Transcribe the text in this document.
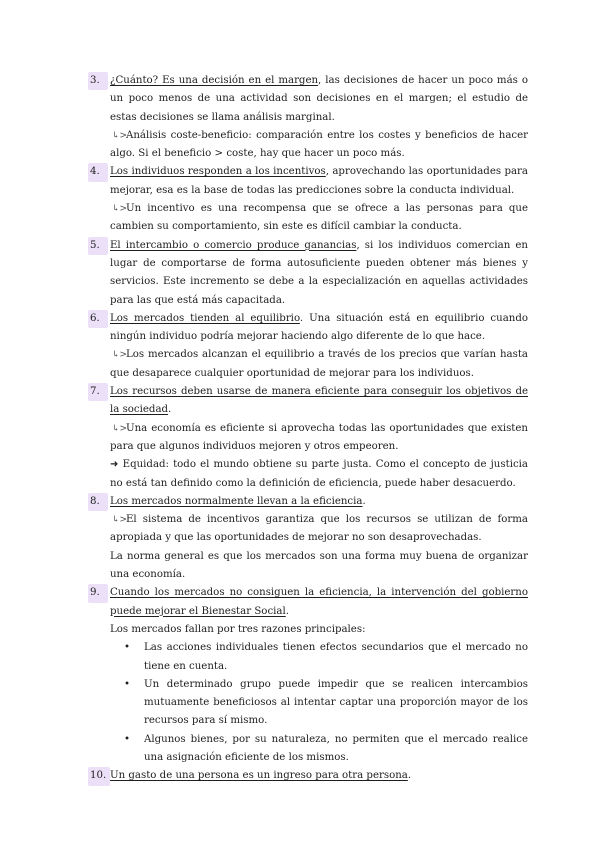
3.	¿Cuánto? Es una decisión en el margen, las decisiones de hacer un poco más o un poco menos de una actividad son decisiones en el margen; el estudio de estas decisiones se llama análisis marginal.
↳>Análisis coste-beneficio: comparación entre los costes y beneficios de hacer algo. Si el beneficio > coste, hay que hacer un poco más.
4.	Los individuos responden a los incentivos, aprovechando las oportunidades para mejorar, esa es la base de todas las predicciones sobre la conducta individual.
↳>Un incentivo es una recompensa que se ofrece a las personas para que cambien su comportamiento, sin este es difícil cambiar la conducta.
5.	El intercambio o comercio produce ganancias, si los individuos comercian en lugar de comportarse de forma autosuficiente pueden obtener más bienes y servicios. Este incremento se debe a la especialización en aquellas actividades para las que está más capacitada.
6.	Los mercados tienden al equilibrio. Una situación está en equilibrio cuando ningún individuo podría mejorar haciendo algo diferente de lo que hace.
↳>Los mercados alcanzan el equilibrio a través de los precios que varían hasta que desaparece cualquier oportunidad de mejorar para los individuos.
7.	Los recursos deben usarse de manera eficiente para conseguir los objetivos de la sociedad.
↳>Una economía es eficiente si aprovecha todas las oportunidades que existen para que algunos individuos mejoren y otros empeoren.
➜ Equidad: todo el mundo obtiene su parte justa. Como el concepto de justicia no está tan definido como la definición de eficiencia, puede haber desacuerdo.
8.	Los mercados normalmente llevan a la eficiencia.
↳>El sistema de incentivos garantiza que los recursos se utilizan de forma apropiada y que las oportunidades de mejorar no son desaprovechadas.
La norma general es que los mercados son una forma muy buena de organizar una economía.
9.	Cuando los mercados no consiguen la eficiencia, la intervención del gobierno puede mejorar el Bienestar Social.
Los mercados fallan por tres razones principales:
• Las acciones individuales tienen efectos secundarios que el mercado no tiene en cuenta.
• Un determinado grupo puede impedir que se realicen intercambios mutuamente beneficiosos al intentar captar una proporción mayor de los recursos para sí mismo.
• Algunos bienes, por su naturaleza, no permiten que el mercado realice una asignación eficiente de los mismos.
10. Un gasto de una persona es un ingreso para otra persona.
